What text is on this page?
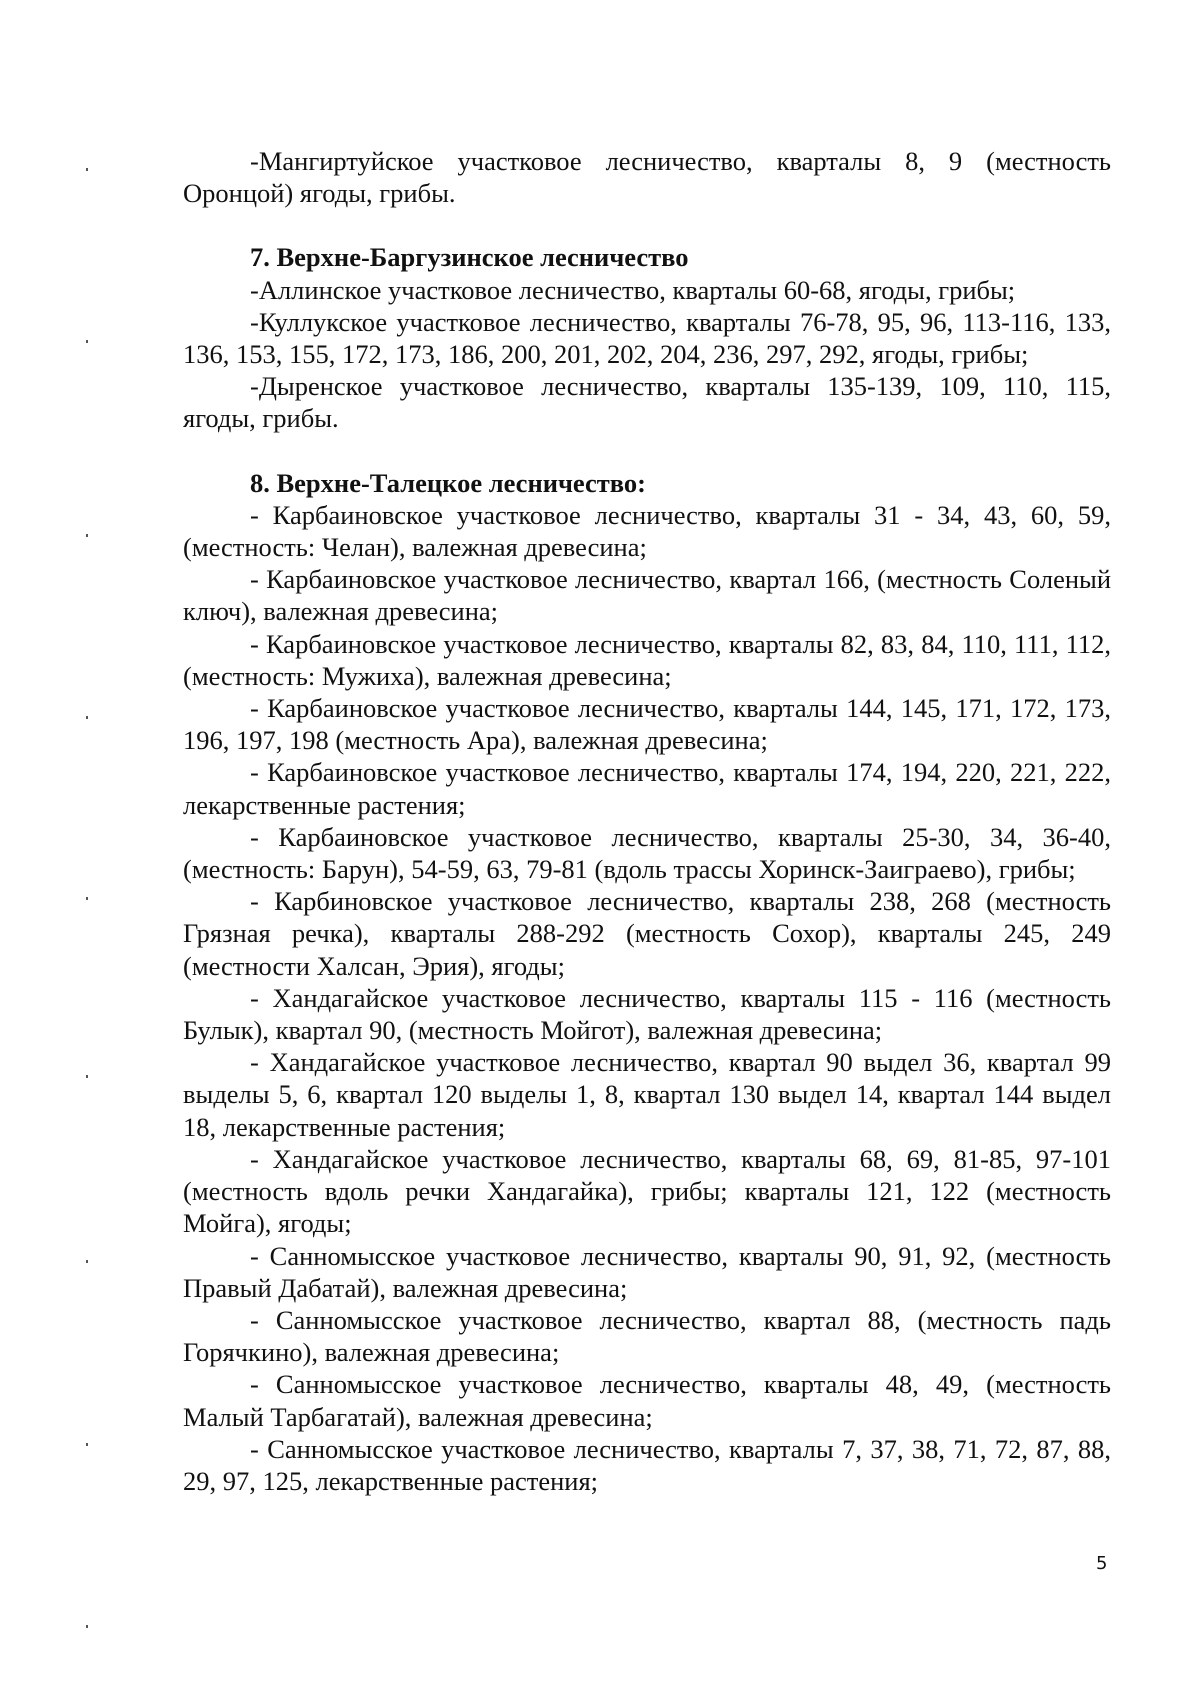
-Мангиртуйское участковое лесничество, кварталы 8, 9 (местность Оронцой) ягоды, грибы.

7. Верхне-Баргузинское лесничество

-Аллинское участковое лесничество, кварталы 60-68, ягоды, грибы;

-Куллукское участковое лесничество, кварталы 76-78, 95, 96, 113-116, 133, 136, 153, 155, 172, 173, 186, 200, 201, 202, 204, 236, 297, 292, ягоды, грибы;

-Дыренское участковое лесничество, кварталы 135-139, 109, 110, 115, ягоды, грибы.

8. Верхне-Талецкое лесничество:

- Карбаиновское участковое лесничество, кварталы 31 - 34, 43, 60, 59, (местность: Челан), валежная древесина;

- Карбаиновское участковое лесничество, квартал 166, (местность Соленый ключ), валежная древесина;

- Карбаиновское участковое лесничество, кварталы 82, 83, 84, 110, 111, 112, (местность: Мужиха), валежная древесина;

- Карбаиновское участковое лесничество, кварталы 144, 145, 171, 172, 173, 196, 197, 198 (местность Ара), валежная древесина;

- Карбаиновское участковое лесничество, кварталы 174, 194, 220, 221, 222, лекарственные растения;

- Карбаиновское участковое лесничество, кварталы 25-30, 34, 36-40, (местность: Барун), 54-59, 63, 79-81 (вдоль трассы Хоринск-Заиграево), грибы;

- Карбиновское участковое лесничество, кварталы 238, 268 (местность Грязная речка), кварталы 288-292 (местность Сохор), кварталы 245, 249 (местности Халсан, Эрия), ягоды;

- Хандагайское участковое лесничество, кварталы 115 - 116 (местность Булык), квартал 90, (местность Мойгот), валежная древесина;

- Хандагайское участковое лесничество, квартал 90 выдел 36, квартал 99 выделы 5, 6, квартал 120 выделы 1, 8, квартал 130 выдел 14, квартал 144 выдел 18, лекарственные растения;

- Хандагайское участковое лесничество, кварталы 68, 69, 81-85, 97-101 (местность вдоль речки Хандагайка), грибы; кварталы 121, 122 (местность Мойга), ягоды;

- Санномысское участковое лесничество, кварталы 90, 91, 92, (местность Правый Дабатай), валежная древесина;

- Санномысское участковое лесничество, квартал 88, (местность падь Горячкино), валежная древесина;

- Санномысское участковое лесничество, кварталы 48, 49, (местность Малый Тарбагатай), валежная древесина;

- Санномысское участковое лесничество, кварталы 7, 37, 38, 71, 72, 87, 88, 29, 97, 125, лекарственные растения;

5
